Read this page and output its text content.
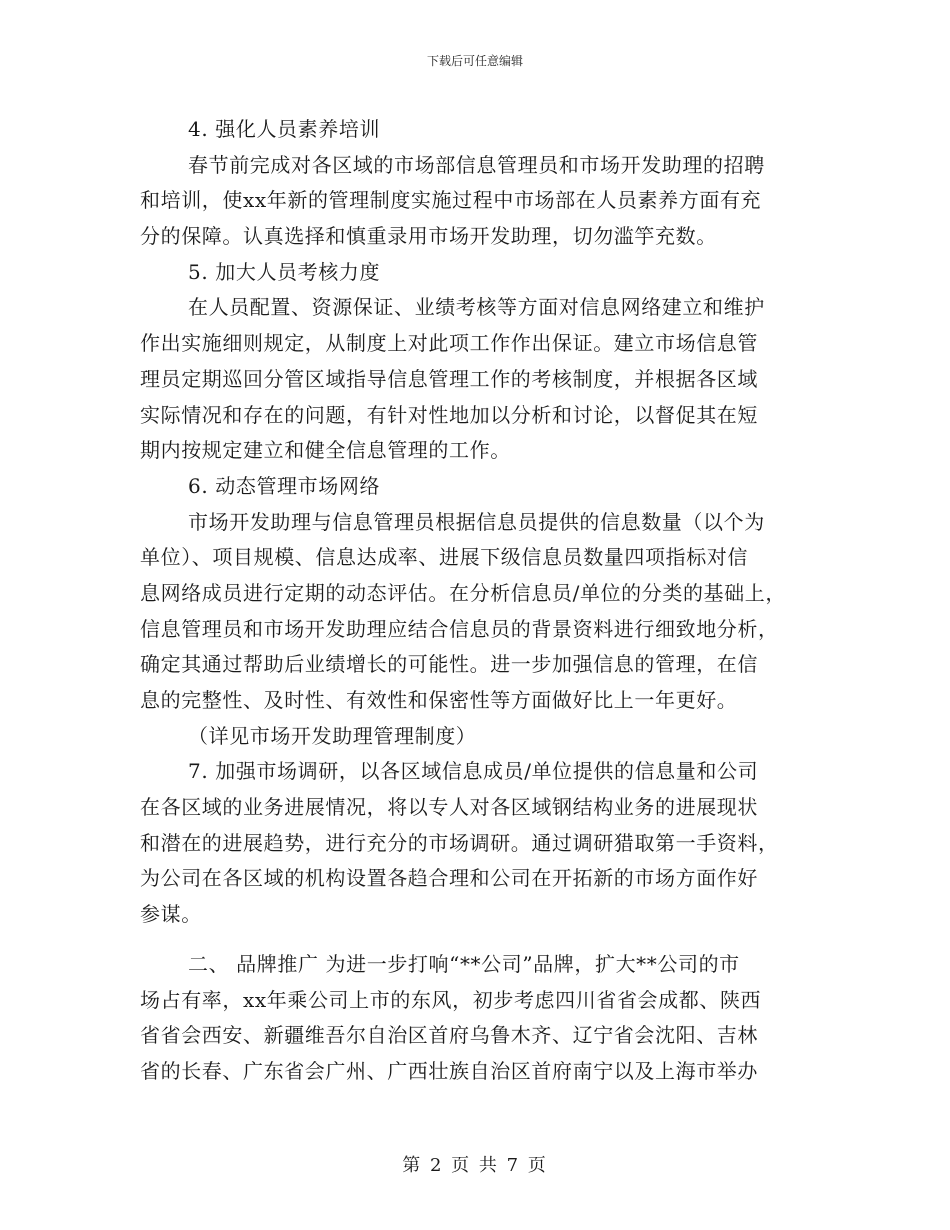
下载后可任意编辑
4. 强化人员素养培训
春节前完成对各区域的市场部信息管理员和市场开发助理的招聘
和培训，使xx年新的管理制度实施过程中市场部在人员素养方面有充
分的保障。认真选择和慎重录用市场开发助理，切勿滥竽充数。
5. 加大人员考核力度
在人员配置、资源保证、业绩考核等方面对信息网络建立和维护
作出实施细则规定，从制度上对此项工作作出保证。建立市场信息管
理员定期巡回分管区域指导信息管理工作的考核制度，并根据各区域
实际情况和存在的问题，有针对性地加以分析和讨论，以督促其在短
期内按规定建立和健全信息管理的工作。
6. 动态管理市场网络
市场开发助理与信息管理员根据信息员提供的信息数量（以个为
单位）、项目规模、信息达成率、进展下级信息员数量四项指标对信
息网络成员进行定期的动态评估。在分析信息员/单位的分类的基础上，
信息管理员和市场开发助理应结合信息员的背景资料进行细致地分析，
确定其通过帮助后业绩增长的可能性。进一步加强信息的管理，在信
息的完整性、及时性、有效性和保密性等方面做好比上一年更好。
（详见市场开发助理管理制度）
7. 加强市场调研，以各区域信息成员/单位提供的信息量和公司
在各区域的业务进展情况，将以专人对各区域钢结构业务的进展现状
和潜在的进展趋势，进行充分的市场调研。通过调研猎取第一手资料，
为公司在各区域的机构设置各趋合理和公司在开拓新的市场方面作好
参谋。
二、 品牌推广 为进一步打响“**公司”品牌，扩大**公司的市
场占有率，xx年乘公司上市的东风，初步考虑四川省省会成都、陕西
省省会西安、新疆维吾尔自治区首府乌鲁木齐、辽宁省会沈阳、吉林
省的长春、广东省会广州、广西壮族自治区首府南宁以及上海市举办
第 2 页 共 7 页
